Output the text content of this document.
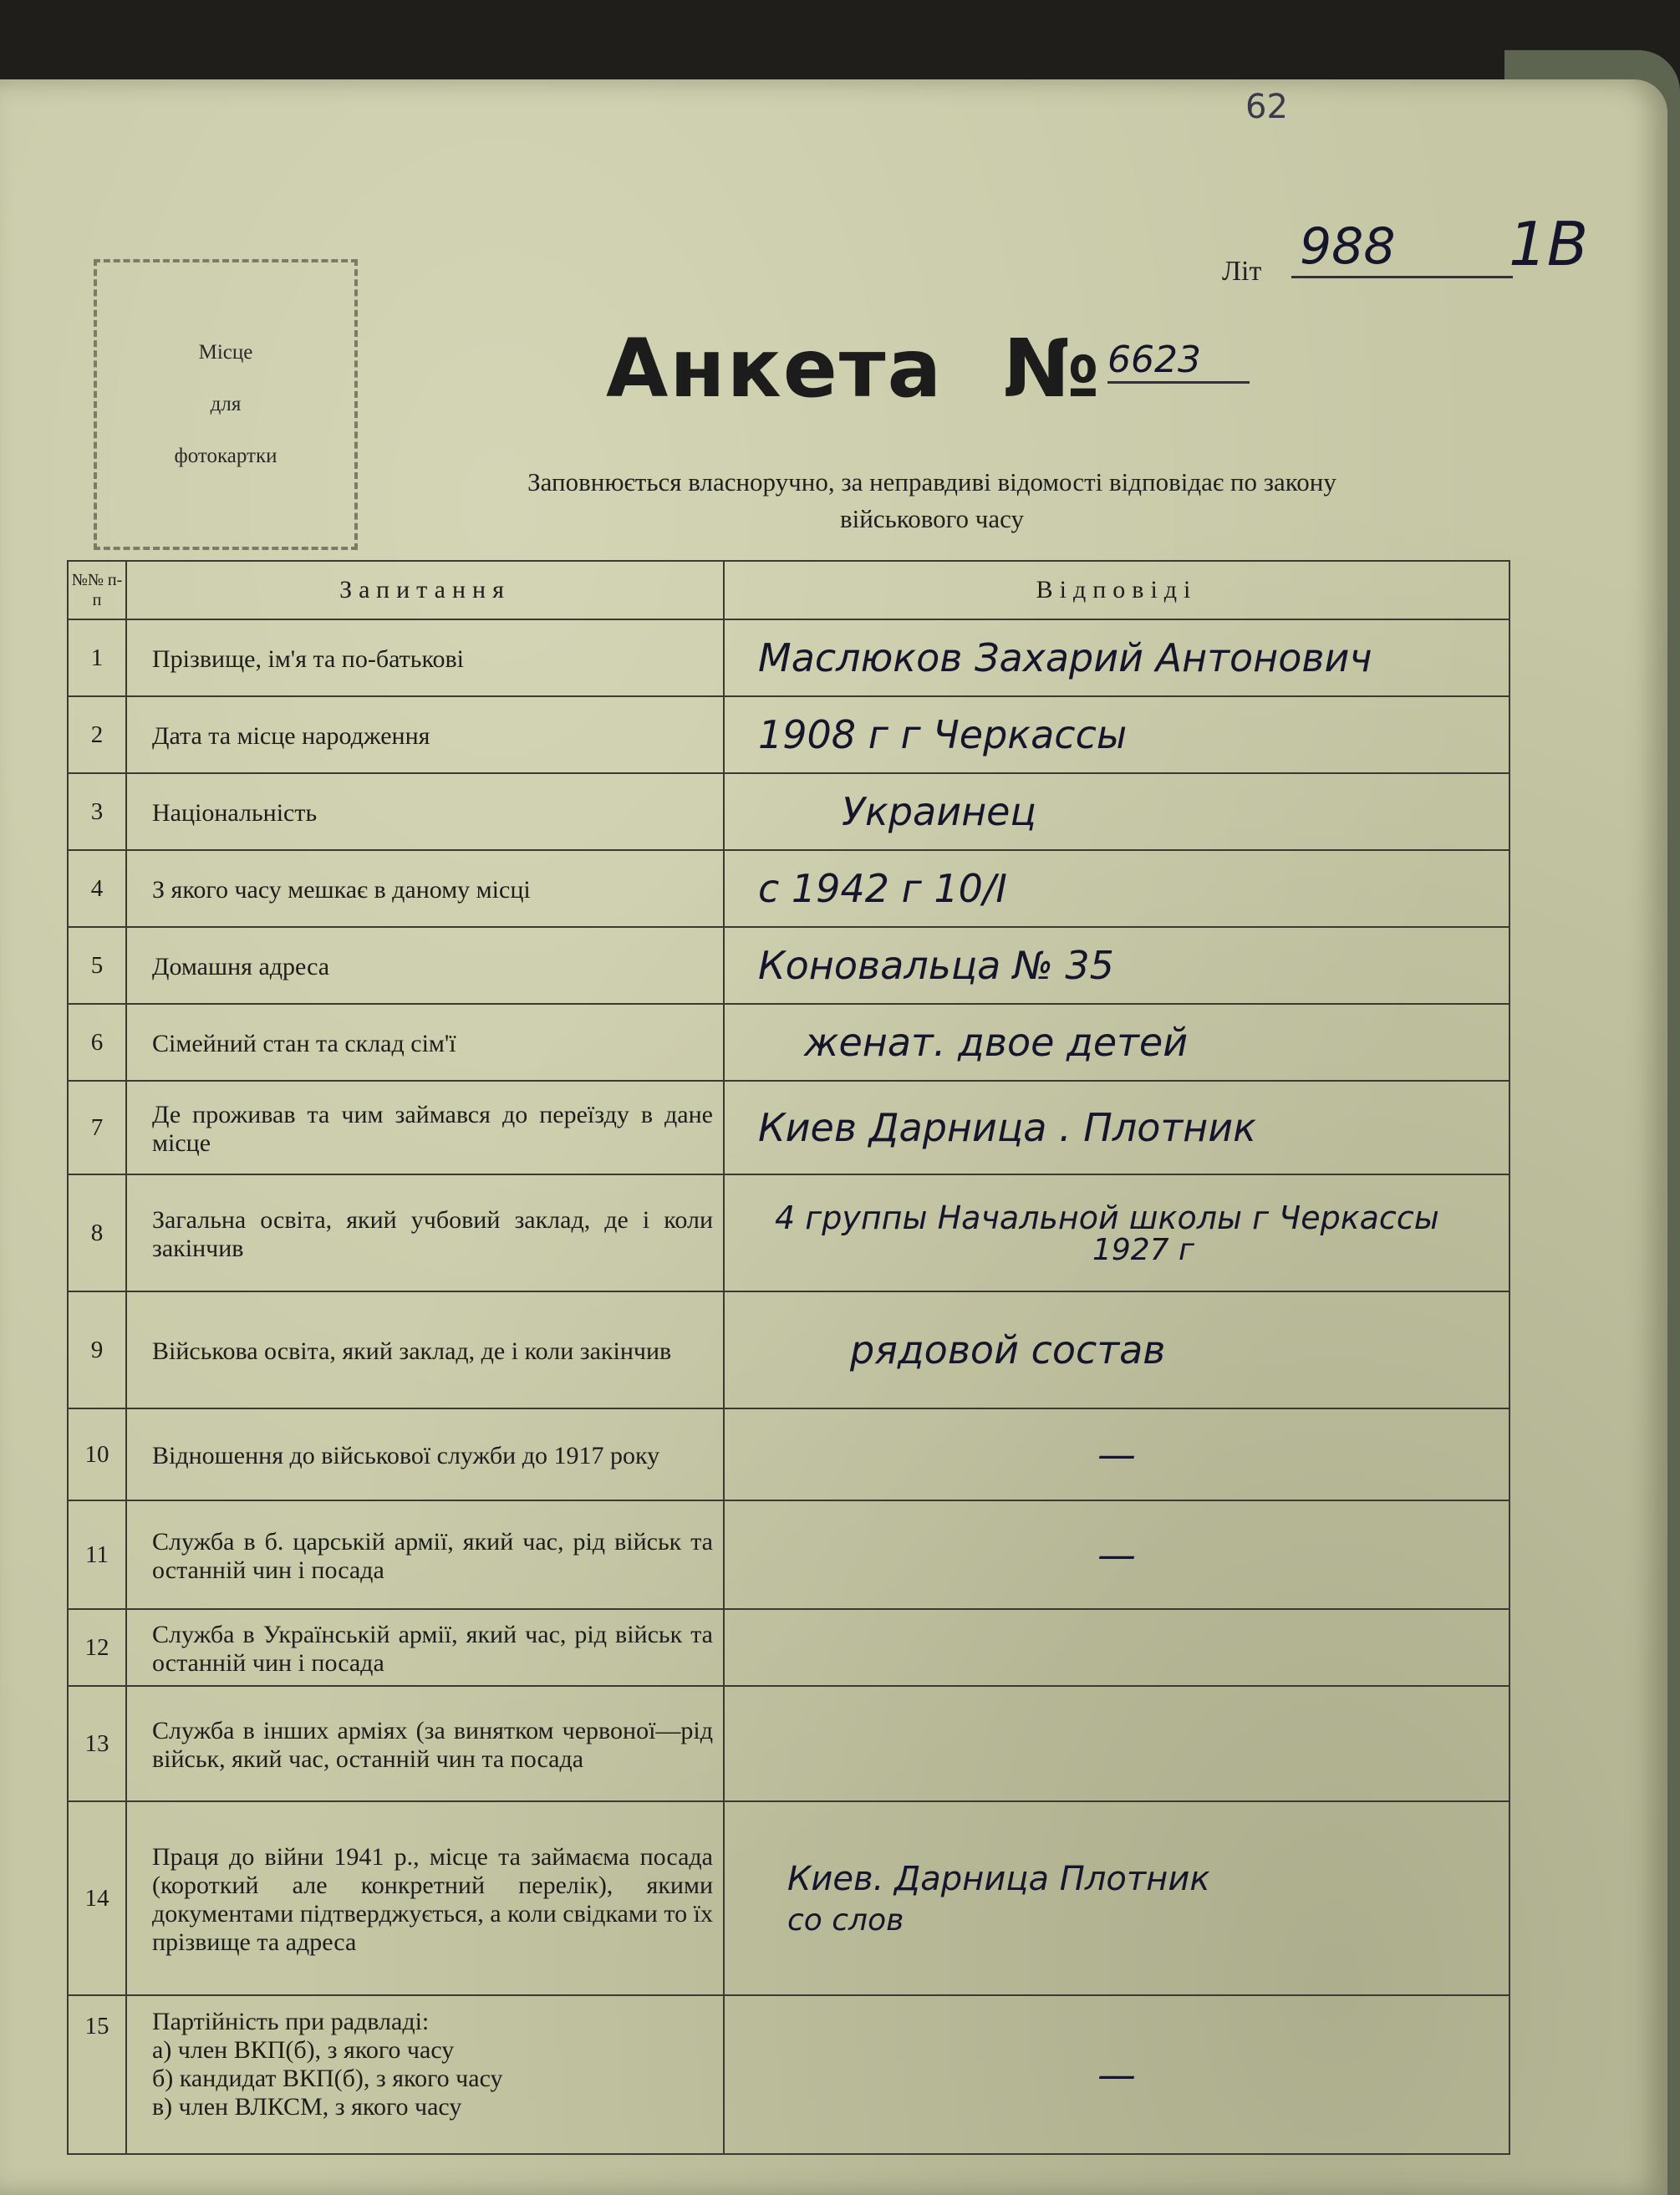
62
Літ 988	1В
Місце
для
фотокартки
Анкета № 6623
Заповнюється власноручно, за неправдиві відомості відповідає по закону
військового часу
№№ п-п	Запитання	Відповіді
1	Прізвище, ім'я та по-батькові	Маслюков Захарий Антонович
2	Дата та місце народження	1908 г г Черкассы
3	Національність	Украинец
4	З якого часу мешкає в даному місці	с 1942 г 10/I
5	Домашня адреса	Коновальца № 35
6	Сімейний стан та склад сім'ї	женат. двое детей
7	Де проживав та чим займався до переїзду в дане місце	Киев Дарница . Плотник
8	Загальна освіта, який учбовий заклад, де і коли закінчив	4 группы Начальной школы г Черкассы
1927 г

9	Військова освіта, який заклад, де і коли закінчив	рядовой состав
10	Відношення до військової служби до 1917 року	—
11	Служба в б. царській армії, який час, рід військ та останній чин і посада	—
12	Служба в Українській армії, який час, рід військ та останній чин і посада	
13	Служба в інших арміях (за винятком червоної—рід військ, який час, останній чин та посада	
14	Праця до війни 1941 р., місце та займаєма посада (короткий але конкретний перелік), якими документами підтверджується, а коли свідками то їх прізвище та адреса	Киев. Дарница Плотник
со слов

15	Партійність при радвладі:
а) член ВКП(б), з якого часу
б) кандидат ВКП(б), з якого часу
в) член ВЛКСМ, з якого часу	—
